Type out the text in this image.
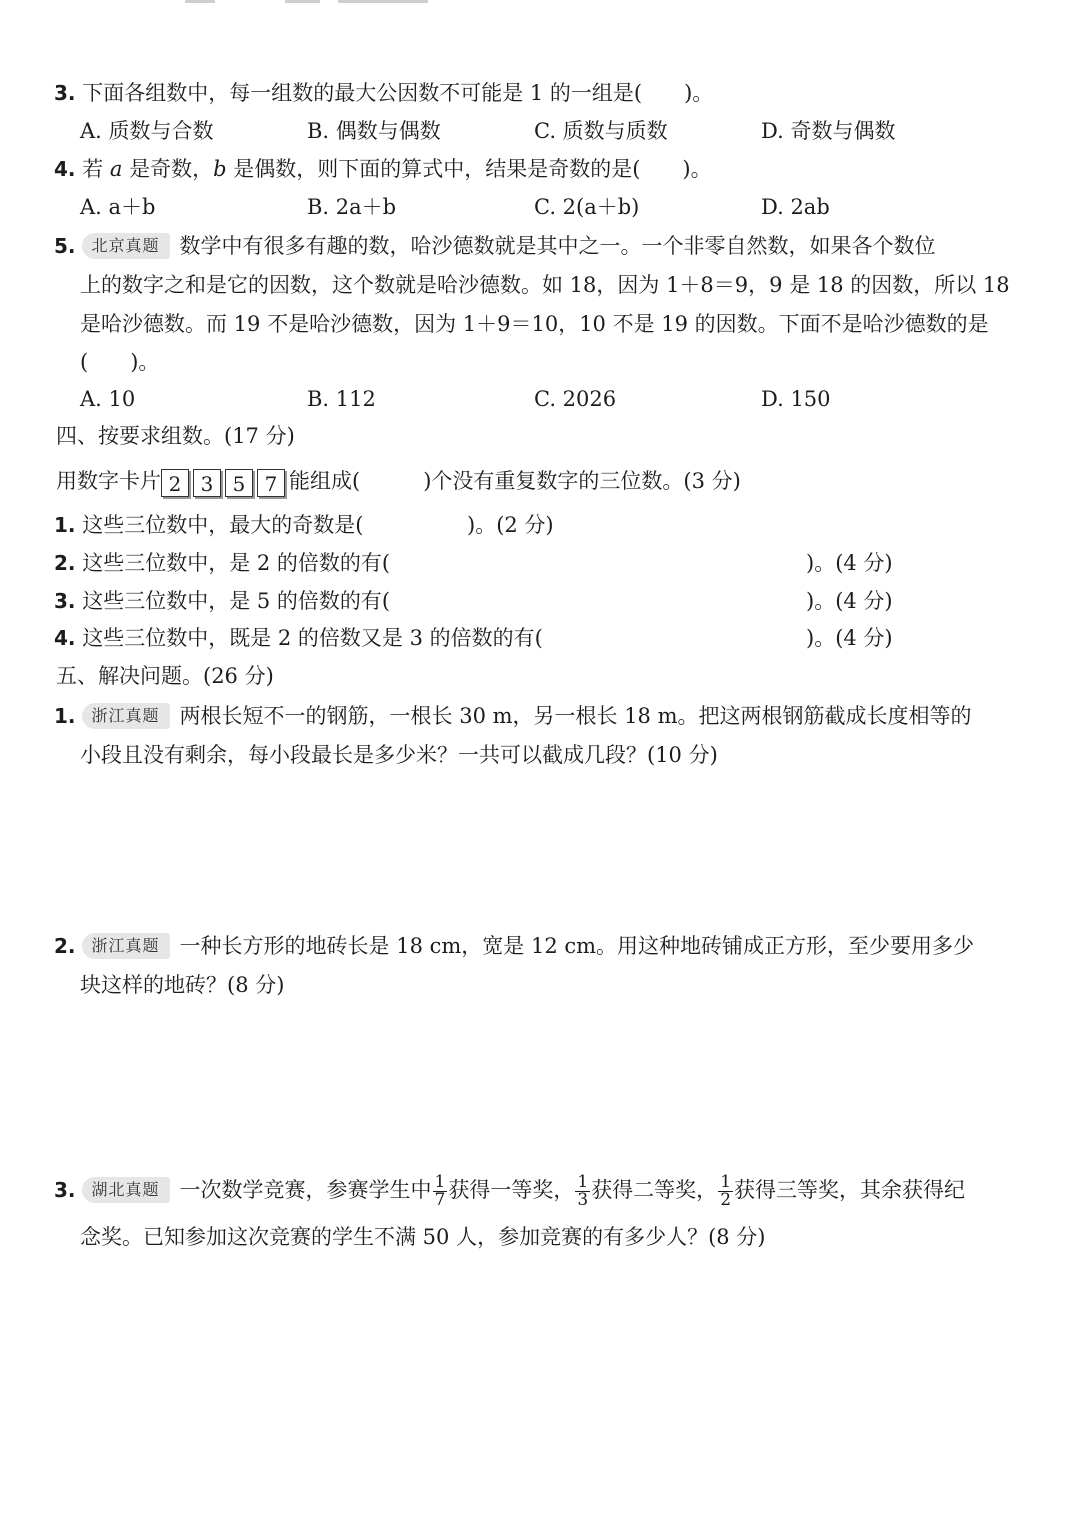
3. 下面各组数中，每一组数的最大公因数不可能是 1 的一组是(　　)。
A. 质数与合数	B. 偶数与偶数	C. 质数与质数	D. 奇数与偶数
4. 若 a 是奇数，b 是偶数，则下面的算式中，结果是奇数的是(　　)。
A. a＋b	B. 2a＋b	C. 2(a＋b)	D. 2ab
5. 北京真题 数学中有很多有趣的数，哈沙德数就是其中之一。一个非零自然数，如果各个数位
上的数字之和是它的因数，这个数就是哈沙德数。如 18，因为 1＋8＝9，9 是 18 的因数，所以 18
是哈沙德数。而 19 不是哈沙德数，因为 1＋9＝10，10 不是 19 的因数。下面不是哈沙德数的是
(　　)。
A. 10	B. 112	C. 2026	D. 150
四、按要求组数。(17 分)
用数字卡片 2 3 5 7 能组成(　　　)个没有重复数字的三位数。(3 分)
1. 这些三位数中，最大的奇数是(	)。(2 分)
2. 这些三位数中，是 2 的倍数的有(	)。(4 分)
3. 这些三位数中，是 5 的倍数的有(	)。(4 分)
4. 这些三位数中，既是 2 的倍数又是 3 的倍数的有(	)。(4 分)
五、解决问题。(26 分)
1. 浙江真题 两根长短不一的钢筋，一根长 30 m，另一根长 18 m。把这两根钢筋截成长度相等的
小段且没有剩余，每小段最长是多少米？一共可以截成几段？(10 分)
2. 浙江真题 一种长方形的地砖长是 18 cm，宽是 12 cm。用这种地砖铺成正方形，至少要用多少
块这样的地砖？(8 分)
3. 湖北真题 一次数学竞赛，参赛学生中 $\frac{1}{7}$ 获得一等奖， $\frac{1}{3}$ 获得二等奖， $\frac{1}{2}$ 获得三等奖，其余获得纪
念奖。已知参加这次竞赛的学生不满 50 人，参加竞赛的有多少人？(8 分)
